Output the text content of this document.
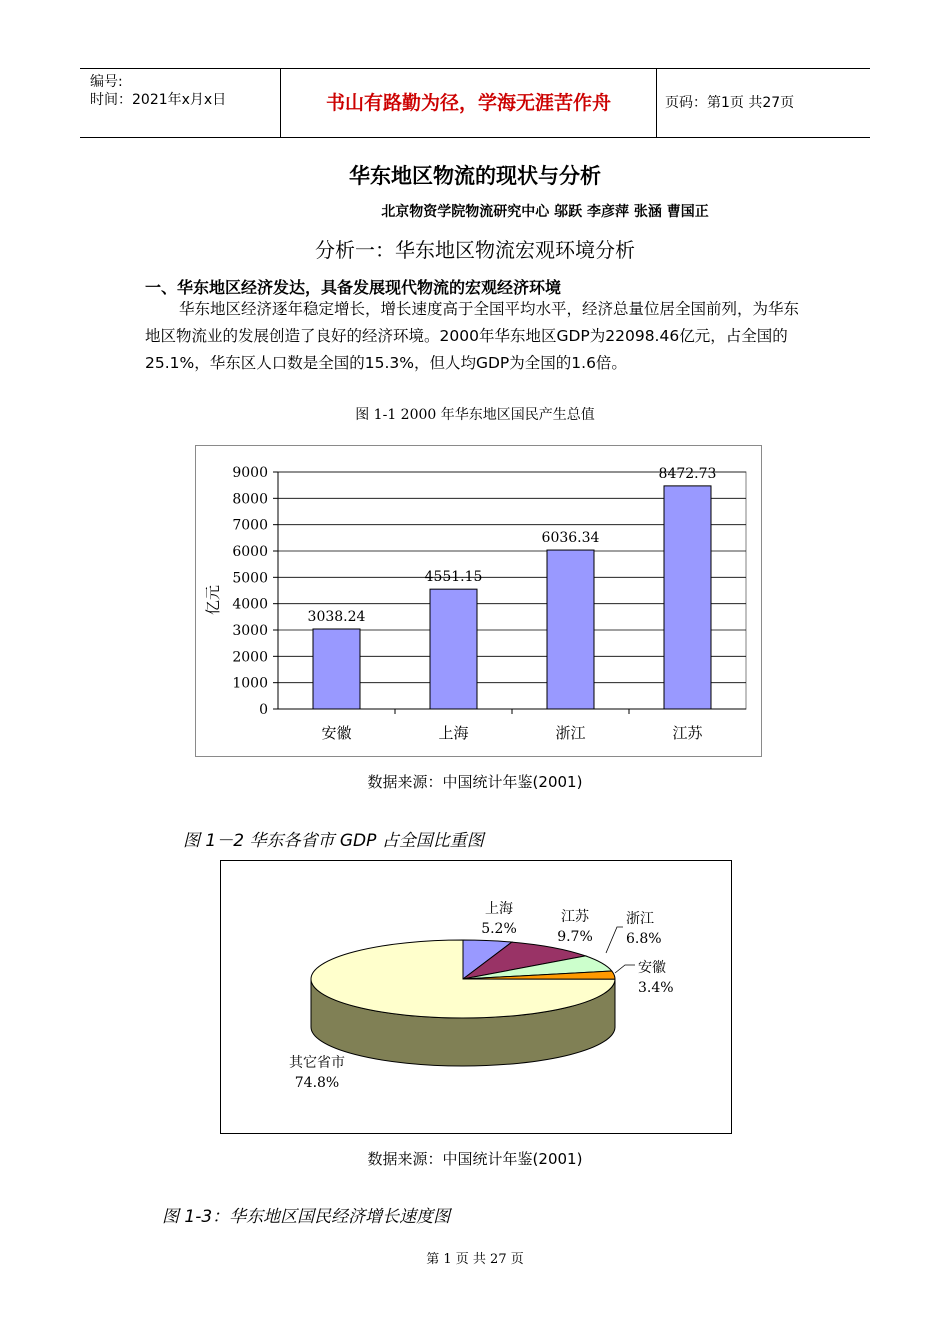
编号:
时间：2021年x月x日	书山有路勤为径，学海无涯苦作舟	页码：第1页 共27页
华东地区物流的现状与分析
北京物资学院物流研究中心 邬跃 李彦萍 张涵 曹国正
分析一：华东地区物流宏观环境分析
一、华东地区经济发达，具备发展现代物流的宏观经济环境
华东地区经济逐年稳定增长，增长速度高于全国平均水平，经济总量位居全国前列，为华东地区物流业的发展创造了良好的经济环境。2000年华东地区GDP为22098.46亿元，占全国的25.1%，华东区人口数是全国的15.3%，但人均GDP为全国的1.6倍。
图 1-1 2000 年华东地区国民产生总值
0
1000
2000
3000
4000
5000
6000
7000
8000
9000
3038.24
4551.15
6036.34
8472.73
安徽	上海	浙江	江苏
亿元
数据来源：中国统计年鉴(2001)
图 1－2 华东各省市 GDP 占全国比重图
上海
5.2%
江苏
9.7%
浙江
6.8%
安徽
3.4%
其它省市
74.8%
数据来源：中国统计年鉴(2001)
图 1-3：华东地区国民经济增长速度图
第 1 页 共 27 页
